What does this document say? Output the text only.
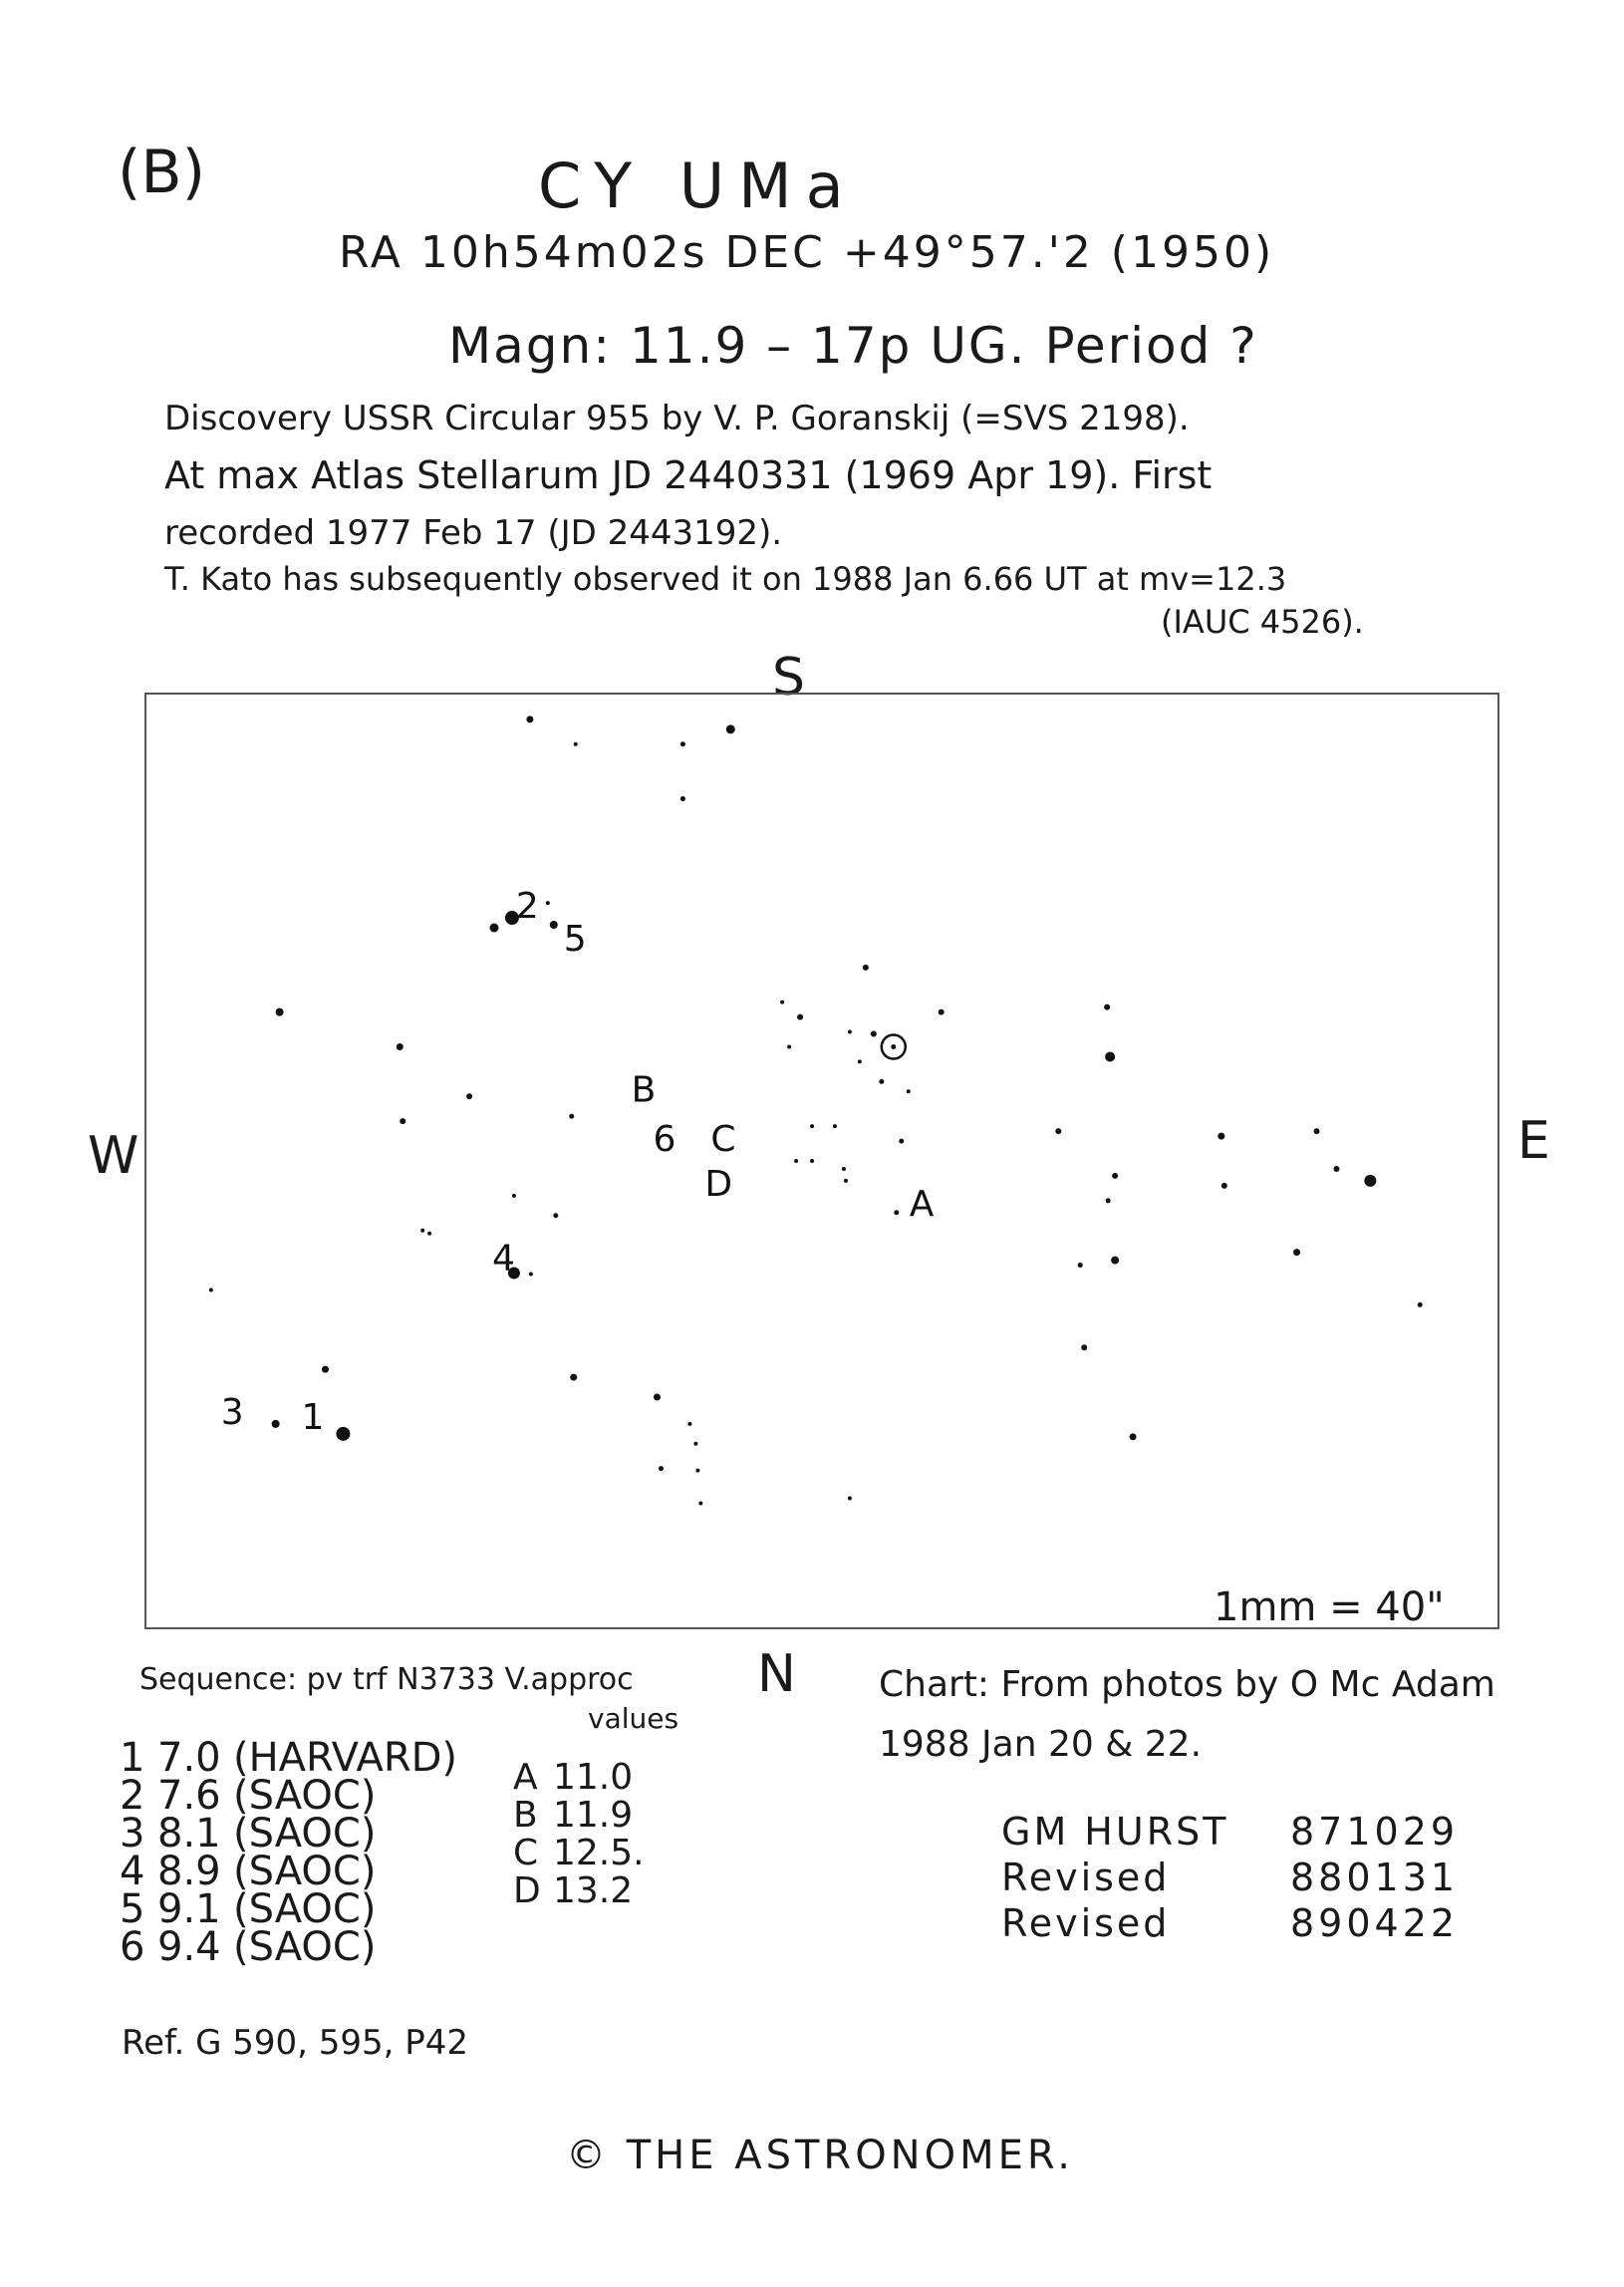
(B)	CY UMa
RA 10h54m02s DEC +49°57.'2 (1950)
Magn: 11.9 – 17p UG. Period ?
Discovery USSR Circular 955 by V. P. Goranskij (=SVS 2198).
At max Atlas Stellarum JD 2440331 (1969 Apr 19). First
recorded 1977 Feb 17 (JD 2443192).
T. Kato has subsequently observed it on 1988 Jan 6.66 UT at mv=12.3
(IAUC 4526).
S
W	E
N
2
5
B
6 C
D	A
4
3 1
1mm = 40"
Sequence: pv trf N3733 V.approc
values
1 7.0 (HARVARD)
2 7.6 (SAOC)
3 8.1 (SAOC)
4 8.9 (SAOC)
5 9.1 (SAOC)
6 9.4 (SAOC)
A 11.0
B 11.9
C 12.5.
D 13.2
Chart: From photos by O Mc Adam
1988 Jan 20 & 22.
GM HURST 871029
Revised	880131
Revised	890422
Ref. G 590, 595, P42
© THE ASTRONOMER.
